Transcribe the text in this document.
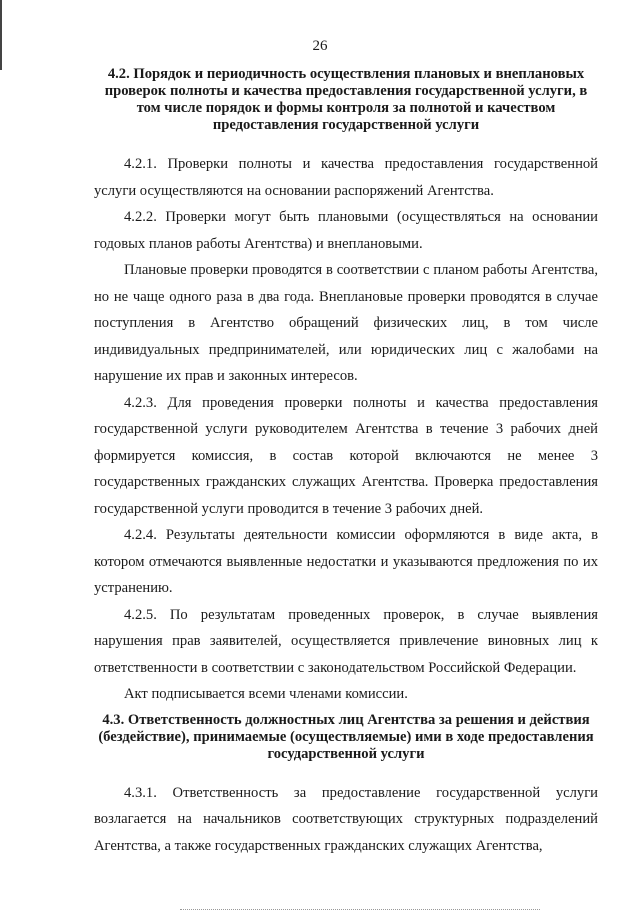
26

4.2. Порядок и периодичность осуществления плановых и внеплановых проверок полноты и качества предоставления государственной услуги, в том числе порядок и формы контроля за полнотой и качеством предоставления государственной услуги

4.2.1. Проверки полноты и качества предоставления государственной услуги осуществляются на основании распоряжений Агентства.

4.2.2. Проверки могут быть плановыми (осуществляться на основании годовых планов работы Агентства) и внеплановыми.

Плановые проверки проводятся в соответствии с планом работы Агентства, но не чаще одного раза в два года. Внеплановые проверки проводятся в случае поступления в Агентство обращений физических лиц, в том числе индивидуальных предпринимателей, или юридических лиц с жалобами на нарушение их прав и законных интересов.

4.2.3. Для проведения проверки полноты и качества предоставления государственной услуги руководителем Агентства в течение 3 рабочих дней формируется комиссия, в состав которой включаются не менее 3 государственных гражданских служащих Агентства. Проверка предоставления государственной услуги проводится в течение 3 рабочих дней.

4.2.4. Результаты деятельности комиссии оформляются в виде акта, в котором отмечаются выявленные недостатки и указываются предложения по их устранению.

4.2.5. По результатам проведенных проверок, в случае выявления нарушения прав заявителей, осуществляется привлечение виновных лиц к ответственности в соответствии с законодательством Российской Федерации.

Акт подписывается всеми членами комиссии.

4.3. Ответственность должностных лиц Агентства за решения и действия (бездействие), принимаемые (осуществляемые) ими в ходе предоставления государственной услуги

4.3.1. Ответственность за предоставление государственной услуги возлагается на начальников соответствующих структурных подразделений Агентства, а также государственных гражданских служащих Агентства,
